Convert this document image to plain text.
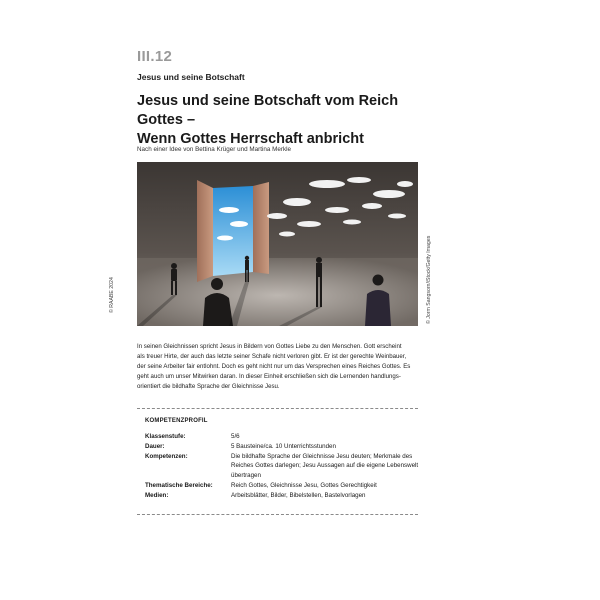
III.12
Jesus und seine Botschaft
Jesus und seine Botschaft vom Reich Gottes –
Wenn Gottes Herrschaft anbricht
Nach einer Idee von Bettina Krüger und Martina Merkle
© Jorm Sangsorn/iStock/Getty Images
© RAABE 2024
In seinen Gleichnissen spricht Jesus in Bildern von Gottes Liebe zu den Menschen. Gott erscheint
als treuer Hirte, der auch das letzte seiner Schafe nicht verloren gibt. Er ist der gerechte Weinbauer,
der seine Arbeiter fair entlohnt. Doch es geht nicht nur um das Versprechen eines Reiches Gottes. Es
geht auch um unser Mitwirken daran. In dieser Einheit erschließen sich die Lernenden handlungs-
orientiert die bildhafte Sprache der Gleichnisse Jesu.
KOMPETENZPROFIL
Klassenstufe:	5/6
Dauer:	5 Bausteine/ca. 10 Unterrichtsstunden
Kompetenzen:	Die bildhafte Sprache der Gleichnisse Jesu deuten; Merkmale des
Reiches Gottes darlegen; Jesu Aussagen auf die eigene Lebenswelt
übertragen
Thematische Bereiche:	Reich Gottes, Gleichnisse Jesu, Gottes Gerechtigkeit
Medien:	Arbeitsblätter, Bilder, Bibelstellen, Bastelvorlagen
